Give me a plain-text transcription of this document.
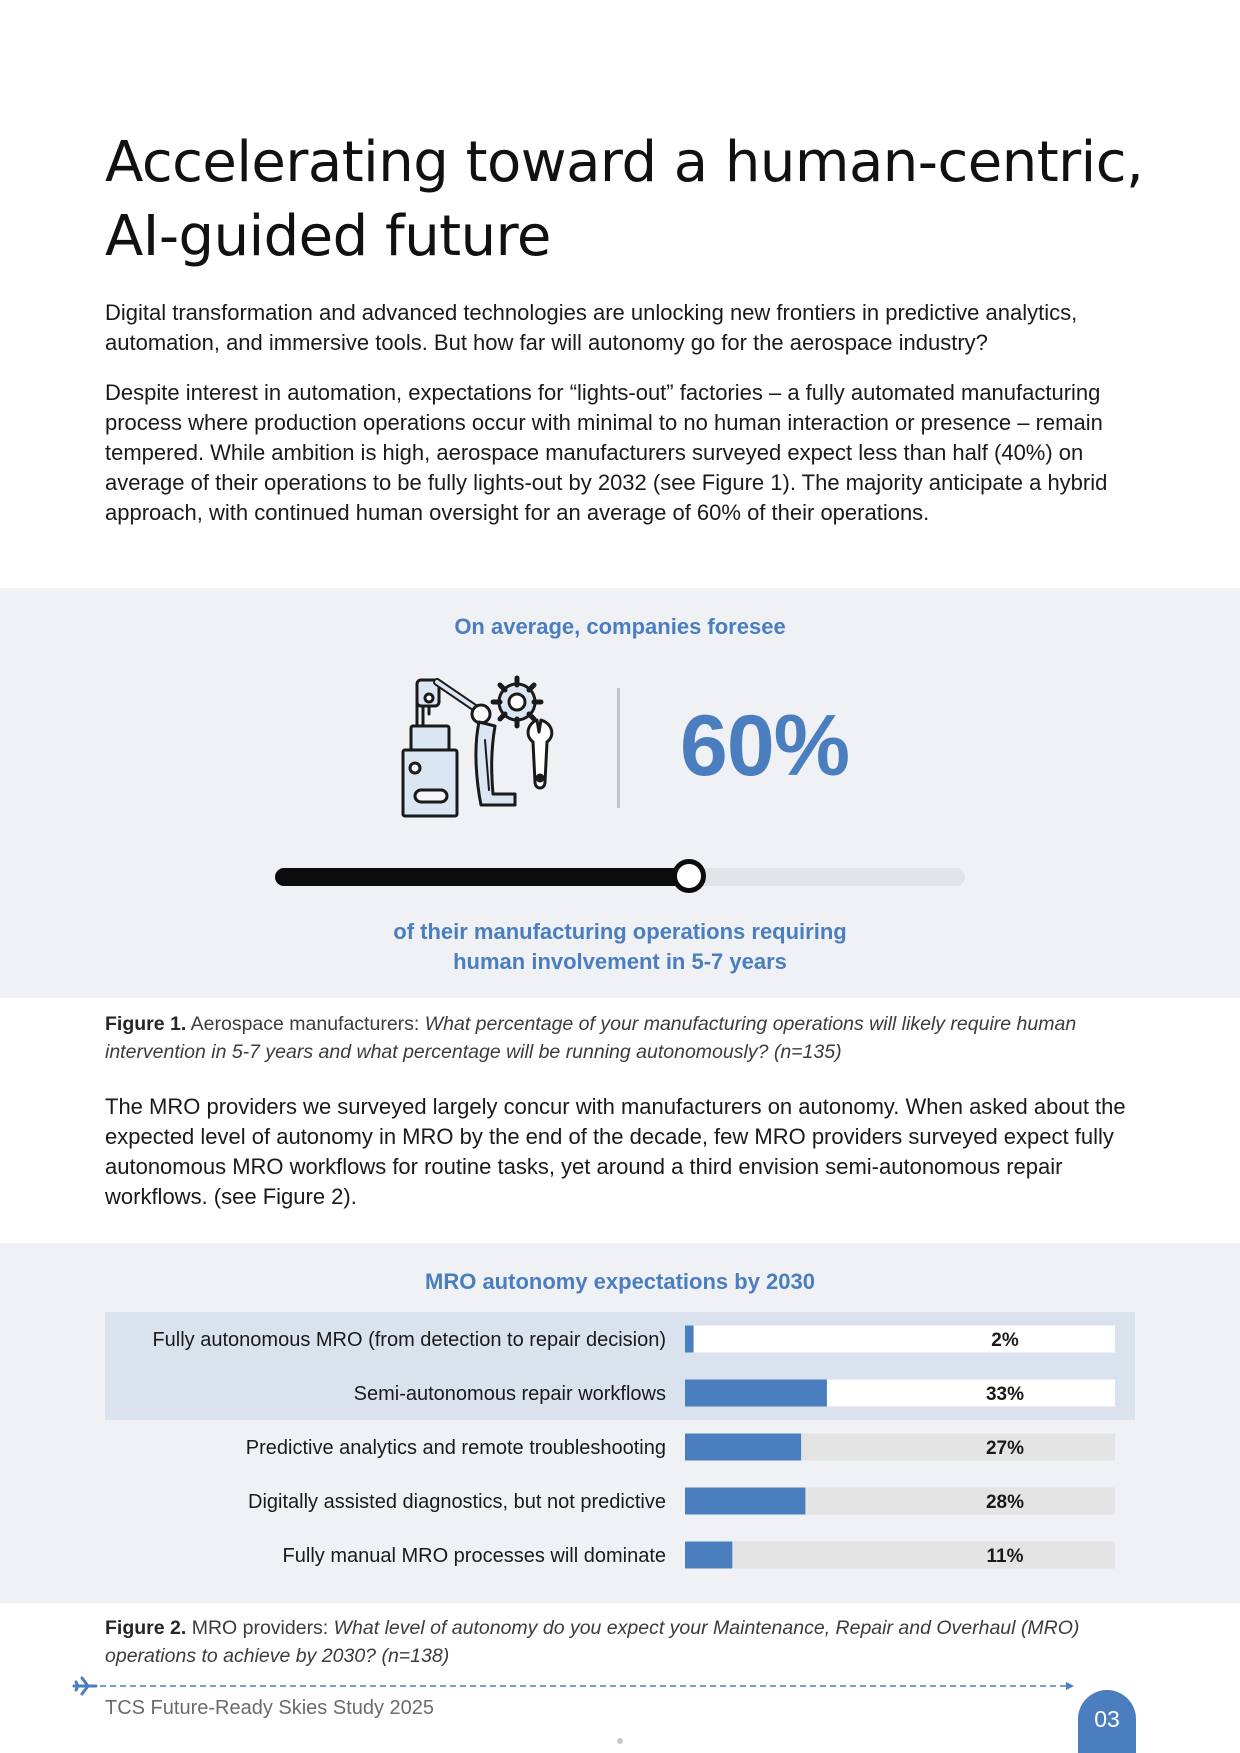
Accelerating toward a human-centric, AI-guided future

Digital transformation and advanced technologies are unlocking new frontiers in predictive analytics, automation, and immersive tools. But how far will autonomy go for the aerospace industry?

Despite interest in automation, expectations for “lights-out” factories – a fully automated manufacturing process where production operations occur with minimal to no human interaction or presence – remain tempered. While ambition is high, aerospace manufacturers surveyed expect less than half (40%) on average of their operations to be fully lights-out by 2032 (see Figure 1). The majority anticipate a hybrid approach, with continued human oversight for an average of 60% of their operations.

On average, companies foresee
60%
of their manufacturing operations requiring
human involvement in 5-7 years
Figure 1. Aerospace manufacturers: What percentage of your manufacturing operations will likely require human intervention in 5-7 years and what percentage will be running autonomously? (n=135)

The MRO providers we surveyed largely concur with manufacturers on autonomy. When asked about the expected level of autonomy in MRO by the end of the decade, few MRO providers surveyed expect fully autonomous MRO workflows for routine tasks, yet around a third envision semi-autonomous repair workflows. (see Figure 2).

MRO autonomy expectations by 2030
Fully autonomous MRO (from detection to repair decision)	2%
Semi-autonomous repair workflows	33%
Predictive analytics and remote troubleshooting	27%
Digitally assisted diagnostics, but not predictive	28%
Fully manual MRO processes will dominate	11%
Figure 2. MRO providers: What level of autonomy do you expect your Maintenance, Repair and Overhaul (MRO) operations to achieve by 2030? (n=138)
TCS Future-Ready Skies Study 2025	03
